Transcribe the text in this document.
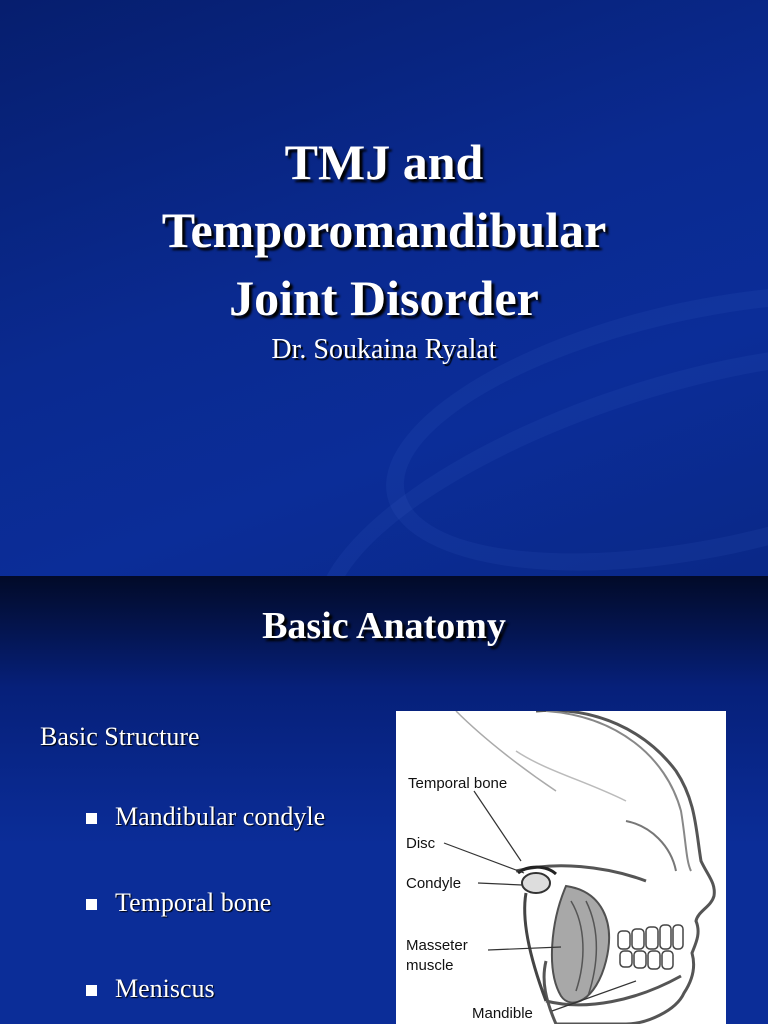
TMJ and
Temporomandibular
Joint Disorder
Dr. Soukaina Ryalat
Basic Anatomy
Basic Structure
Mandibular condyle
Temporal bone
Meniscus
Temporal bone
Disc
Condyle
Masseter
muscle
Mandible
